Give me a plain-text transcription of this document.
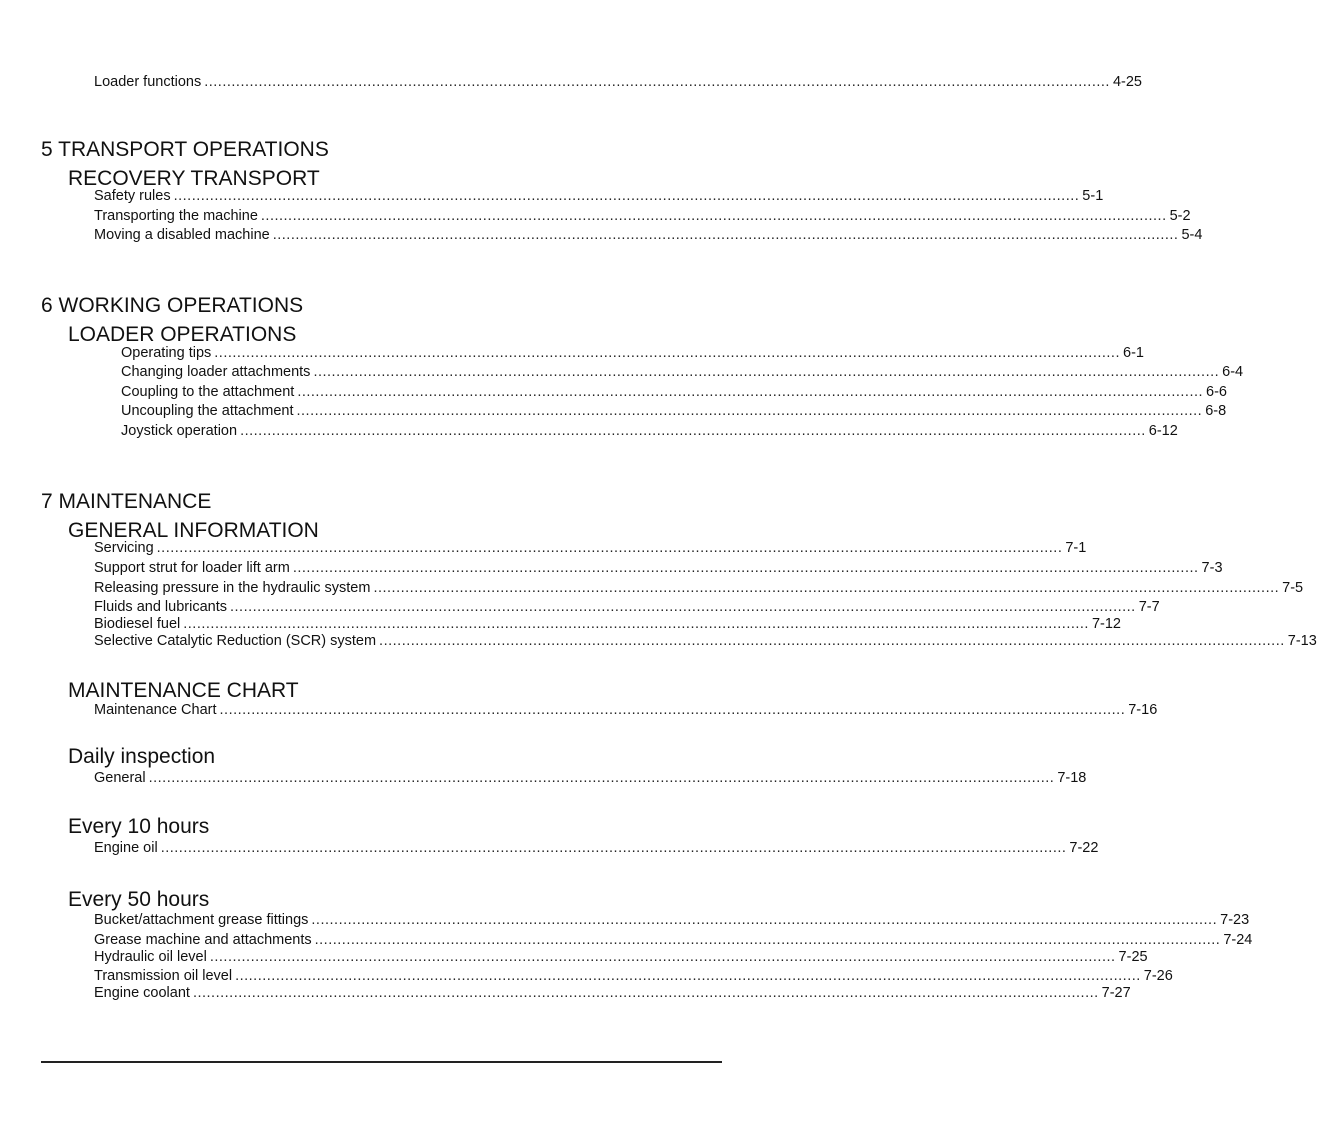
Loader functions ........................................................................................................................................................................................................ 4-25
5 TRANSPORT OPERATIONS
RECOVERY TRANSPORT
Safety rules ........................................................................................................................................................................................................ 5-1
Transporting the machine ........................................................................................................................................................................................................ 5-2
Moving a disabled machine ........................................................................................................................................................................................................ 5-4
6 WORKING OPERATIONS
LOADER OPERATIONS
Operating tips ........................................................................................................................................................................................................ 6-1
Changing loader attachments ........................................................................................................................................................................................................ 6-4
Coupling to the attachment ........................................................................................................................................................................................................ 6-6
Uncoupling the attachment ........................................................................................................................................................................................................ 6-8
Joystick operation ........................................................................................................................................................................................................ 6-12
7 MAINTENANCE
GENERAL INFORMATION
Servicing ........................................................................................................................................................................................................ 7-1
Support strut for loader lift arm ........................................................................................................................................................................................................ 7-3
Releasing pressure in the hydraulic system ........................................................................................................................................................................................................ 7-5
Fluids and lubricants ........................................................................................................................................................................................................ 7-7
Biodiesel fuel ........................................................................................................................................................................................................ 7-12
Selective Catalytic Reduction (SCR) system ........................................................................................................................................................................................................ 7-13
MAINTENANCE CHART
Maintenance Chart ........................................................................................................................................................................................................ 7-16
Daily inspection
General ........................................................................................................................................................................................................ 7-18
Every 10 hours
Engine oil ........................................................................................................................................................................................................ 7-22
Every 50 hours
Bucket/attachment grease fittings ........................................................................................................................................................................................................ 7-23
Grease machine and attachments ........................................................................................................................................................................................................ 7-24
Hydraulic oil level ........................................................................................................................................................................................................ 7-25
Transmission oil level ........................................................................................................................................................................................................ 7-26
Engine coolant ........................................................................................................................................................................................................ 7-27
